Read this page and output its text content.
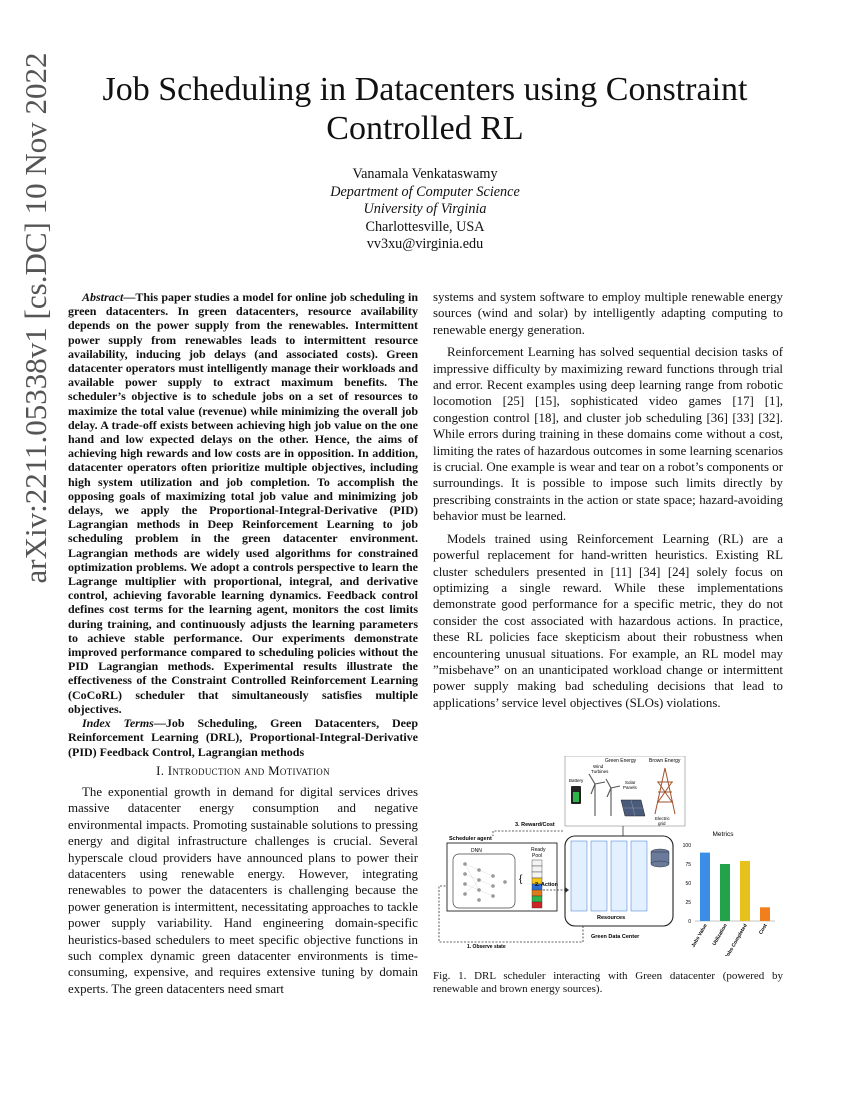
arXiv:2211.05338v1 [cs.DC] 10 Nov 2022	Job Scheduling in Datacenters using Constraint
Controlled RL
Vanamala Venkataswamy
Department of Computer Science
University of Virginia
Charlottesville, USA
vv3xu@virginia.edu

Abstract—This paper studies a model for online job scheduling in green datacenters. In green datacenters, resource availability depends on the power supply from the renewables. Intermittent power supply from renewables leads to intermittent resource availability, inducing job delays (and associated costs). Green datacenter operators must intelligently manage their workloads and available power supply to extract maximum benefits. The scheduler’s objective is to schedule jobs on a set of resources to maximize the total value (revenue) while minimizing the overall job delay. A trade-off exists between achieving high job value on the one hand and low expected delays on the other. Hence, the aims of achieving high rewards and low costs are in opposition. In addition, datacenter operators often prioritize multiple objectives, including high system utilization and job completion. To accomplish the opposing goals of maximizing total job value and minimizing job delays, we apply the Proportional-Integral-Derivative (PID) Lagrangian methods in Deep Reinforcement Learning to job scheduling problem in the green datacenter environment. Lagrangian methods are widely used algorithms for constrained optimization problems. We adopt a controls perspective to learn the Lagrange multiplier with proportional, integral, and derivative control, achieving favorable learning dynamics. Feedback control defines cost terms for the learning agent, monitors the cost limits during training, and continuously adjusts the learning parameters to achieve stable performance. Our experiments demonstrate improved performance compared to scheduling policies without the PID Lagrangian methods. Experimental results illustrate the effectiveness of the Constraint Controlled Reinforcement Learning (CoCoRL) scheduler that simultaneously satisfies multiple objectives.

Index Terms—Job Scheduling, Green Datacenters, Deep Reinforcement Learning (DRL), Proportional-Integral-Derivative (PID) Feedback Control, Lagrangian methods

I. Introduction and Motivation

The exponential growth in demand for digital services drives massive datacenter energy consumption and negative environmental impacts. Promoting sustainable solutions to pressing energy and digital infrastructure challenges is crucial. Several hyperscale cloud providers have announced plans to power their datacenters using renewable energy. However, integrating renewables to power the datacenters is challenging because the power generation is intermittent, necessitating approaches to tackle power supply variability. Hand engineering domain-specific heuristics-based schedulers to meet specific objective functions in such complex dynamic green datacenter environments is time-consuming, expensive, and requires extensive tuning by domain experts. The green datacenters need smart

systems and system software to employ multiple renewable energy sources (wind and solar) by intelligently adapting computing to renewable energy generation.

Reinforcement Learning has solved sequential decision tasks of impressive difficulty by maximizing reward functions through trial and error. Recent examples using deep learning range from robotic locomotion [25] [15], sophisticated video games [17] [1], congestion control [18], and cluster job scheduling [36] [33] [32]. While errors during training in these domains come without a cost, limiting the rates of hazardous outcomes in some learning scenarios is crucial. One example is wear and tear on a robot’s components or surroundings. It is possible to impose such limits directly by prescribing constraints in the action or state space; hazard-avoiding behavior must be learned.

Models trained using Reinforcement Learning (RL) are a powerful replacement for hand-written heuristics. Existing RL cluster schedulers presented in [11] [34] [24] solely focus on optimizing a single reward. While these implementations demonstrate good performance for a specific metric, they do not consider the cost associated with hazardous actions. In practice, these RL policies face skepticism about their robustness when encountering unusual situations. For example, an RL model may ”misbehave” on an unanticipated workload change or intermittent power supply making bad scheduling decisions that lead to applications’ service level objectives (SLOs) violations.

Green Energy	Brown Energy
Battery
Wind
Turbines
Solar
Panels
Electric
grid
3. Reward/Cost
Scheduler agent
DNN
{
Ready
Pool
2. Action
Resources
Green Data Center
1. Observe state
Metrics
0
25
50
75
100
Jobs Value Utilization
Jobs Completed Cost
Fig. 1. DRL scheduler interacting with Green datacenter (powered by renewable and brown energy sources).
